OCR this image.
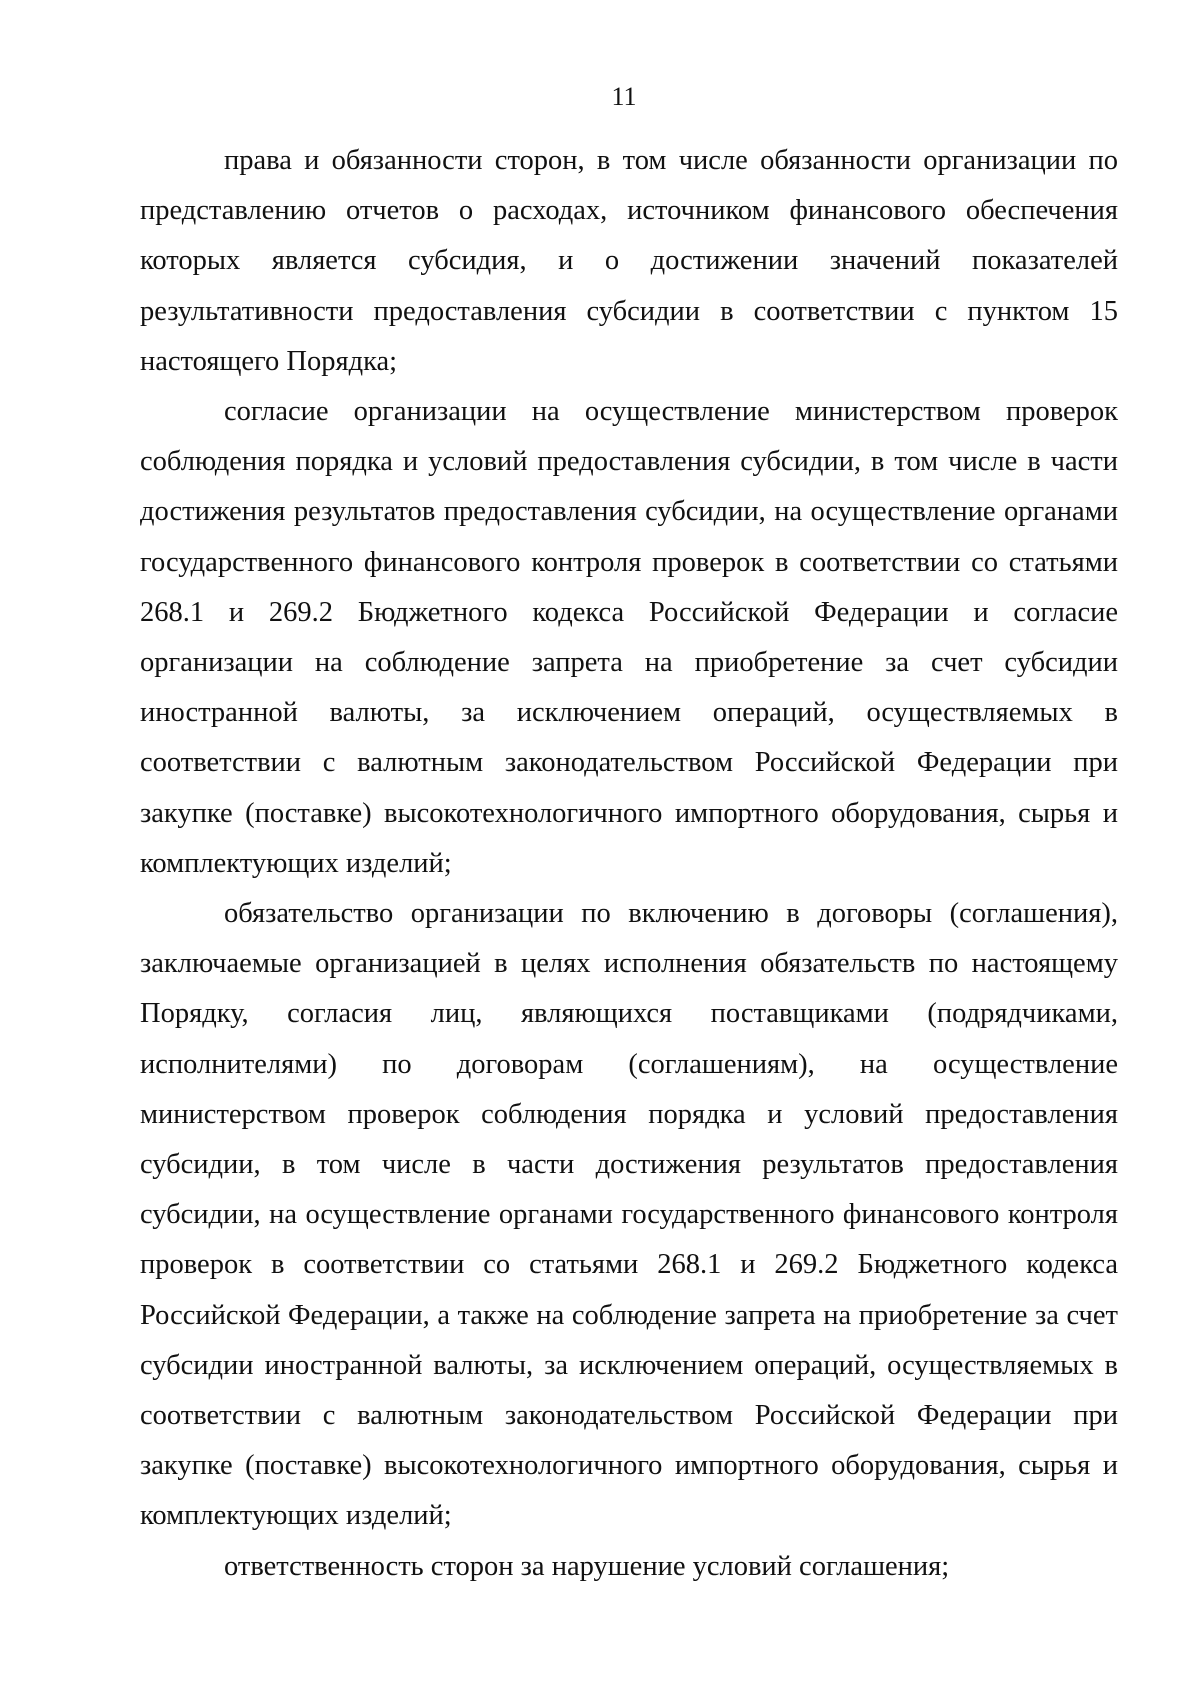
11

права и обязанности сторон, в том числе обязанности организации по представлению отчетов о расходах, источником финансового обеспечения которых является субсидия, и о достижении значений показателей результативности предоставления субсидии в соответствии с пунктом 15 настоящего Порядка;

согласие организации на осуществление министерством проверок соблюдения порядка и условий предоставления субсидии, в том числе в части достижения результатов предоставления субсидии, на осуществление органами государственного финансового контроля проверок в соответствии со статьями 268.1 и 269.2 Бюджетного кодекса Российской Федерации и согласие организации на соблюдение запрета на приобретение за счет субсидии иностранной валюты, за исключением операций, осуществляемых в соответствии с валютным законодательством Российской Федерации при закупке (поставке) высокотехнологичного импортного оборудования, сырья и комплектующих изделий;

обязательство организации по включению в договоры (соглашения), заключаемые организацией в целях исполнения обязательств по настоящему Порядку, согласия лиц, являющихся поставщиками (подрядчиками, исполнителями) по договорам (соглашениям), на осуществление министерством проверок соблюдения порядка и условий предоставления субсидии, в том числе в части достижения результатов предоставления субсидии, на осуществление органами государственного финансового контроля проверок в соответствии со статьями 268.1 и 269.2 Бюджетного кодекса Российской Федерации, а также на соблюдение запрета на приобретение за счет субсидии иностранной валюты, за исключением операций, осуществляемых в соответствии с валютным законодательством Российской Федерации при закупке (поставке) высокотехнологичного импортного оборудования, сырья и комплектующих изделий;

ответственность сторон за нарушение условий соглашения;
